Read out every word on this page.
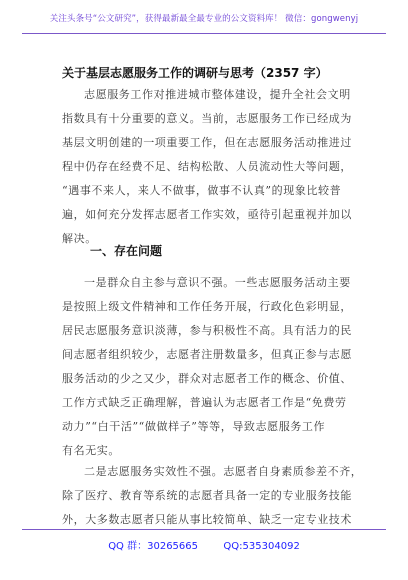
关注头条号“公文研究”，获得最新最全最专业的公文资料库！ 微信：gongwenyj
关于基层志愿服务工作的调研与思考（2357 字）
志愿服务工作对推进城市整体建设，提升全社会文明
指数具有十分重要的意义。当前，志愿服务工作已经成为
基层文明创建的一项重要工作，但在志愿服务活动推进过
程中仍存在经费不足、结构松散、人员流动性大等问题，
“遇事不来人，来人不做事，做事不认真”的现象比较普
遍，如何充分发挥志愿者工作实效，亟待引起重视并加以
解决。
一、存在问题
一是群众自主参与意识不强。一些志愿服务活动主要
是按照上级文件精神和工作任务开展，行政化色彩明显，
居民志愿服务意识淡薄，参与积极性不高。具有活力的民
间志愿者组织较少，志愿者注册数量多，但真正参与志愿
服务活动的少之又少，群众对志愿者工作的概念、价值、
工作方式缺乏正确理解，普遍认为志愿者工作是“免费劳
动力”“白干活”“做做样子”等等，导致志愿服务工作
有名无实。
二是志愿服务实效性不强。志愿者自身素质参差不齐，
除了医疗、教育等系统的志愿者具备一定的专业服务技能
外，大多数志愿者只能从事比较简单、缺乏一定专业技术
QQ 群：30265665        QQ:535304092
